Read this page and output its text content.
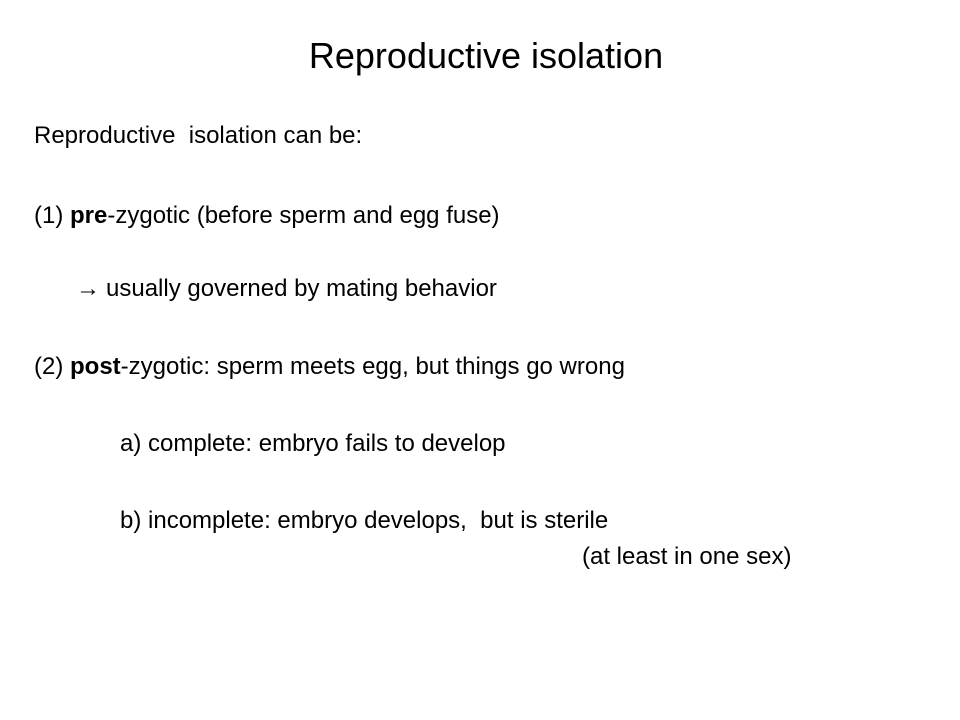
Reproductive isolation

Reproductive  isolation can be:

(1) pre-zygotic (before sperm and egg fuse)

→ usually governed by mating behavior

(2) post-zygotic: sperm meets egg, but things go wrong

a) complete: embryo fails to develop

b) incomplete: embryo develops,  but is sterile

(at least in one sex)
